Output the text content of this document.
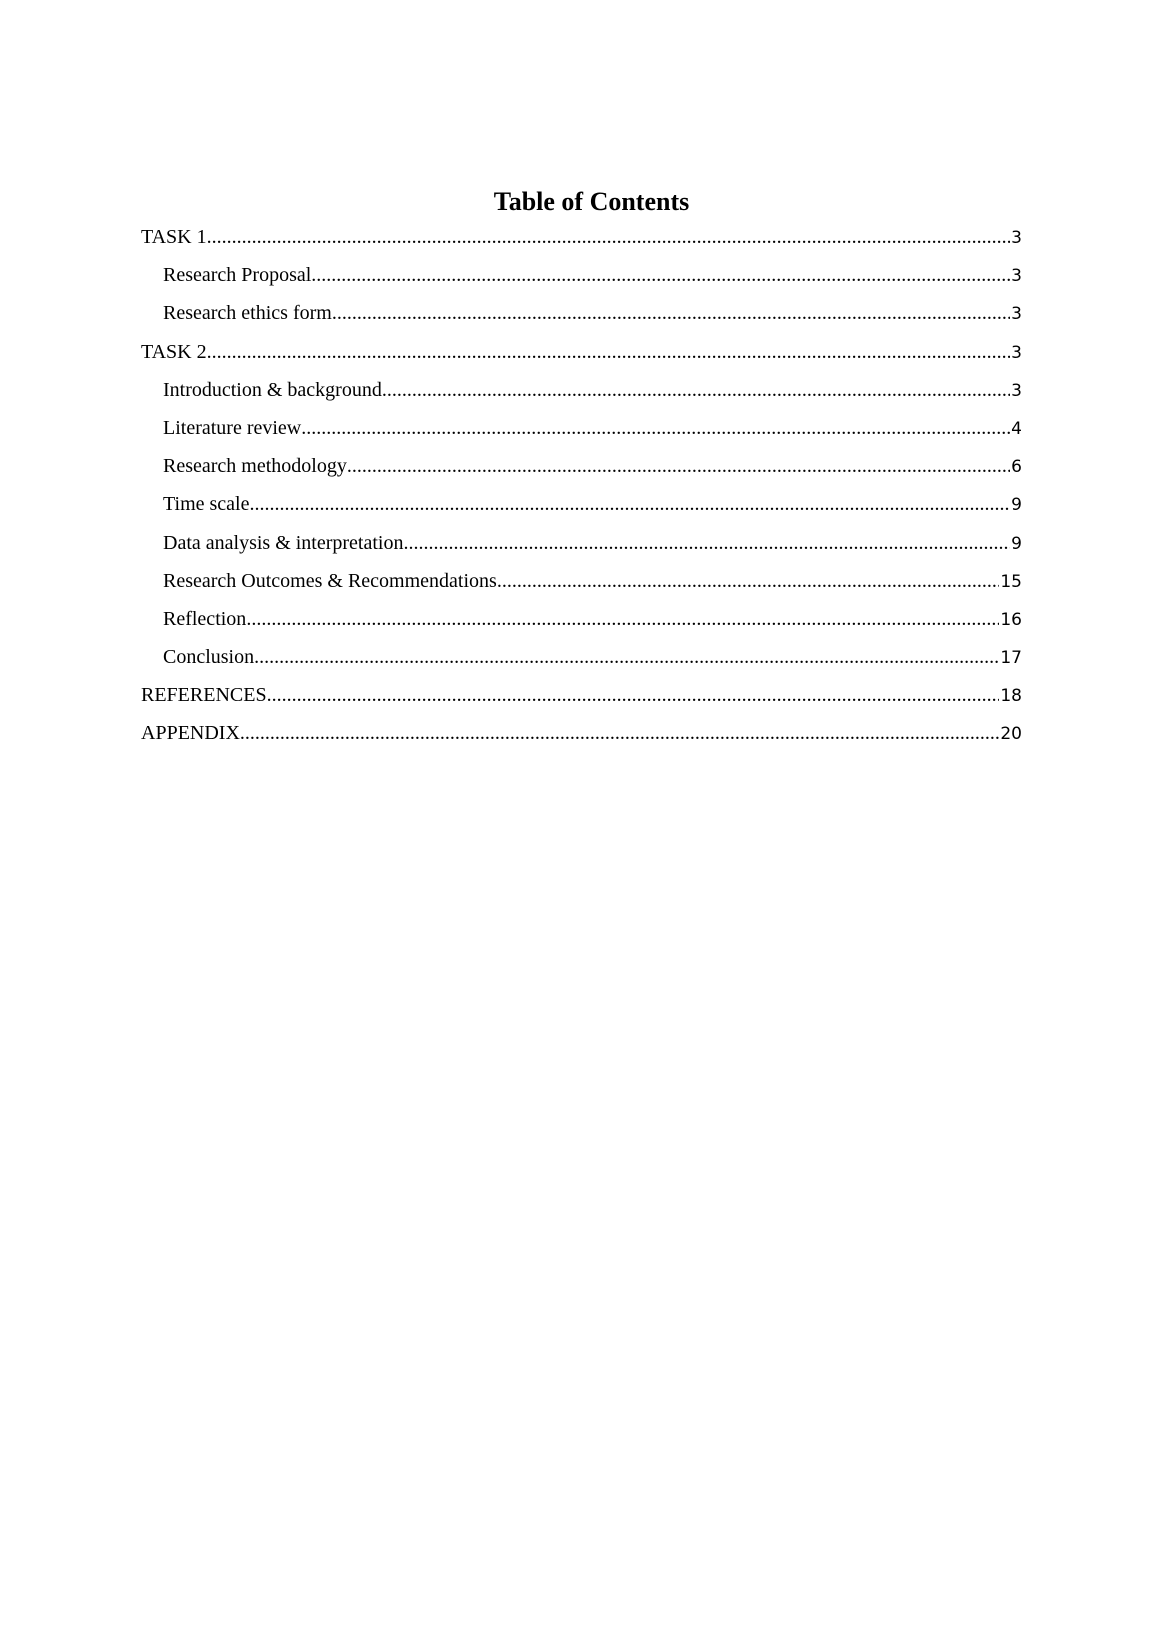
Table of Contents
TASK 1 .....	3
Research Proposal .....	3
Research ethics form .....	3
TASK 2 .....	3
Introduction & background .....	3
Literature review .....	4
Research methodology .....	6
Time scale .....	9
Data analysis & interpretation .....	9
Research Outcomes & Recommendations .....	15
Reflection .....	16
Conclusion .....	17
REFERENCES .....	18
APPENDIX .....	20
